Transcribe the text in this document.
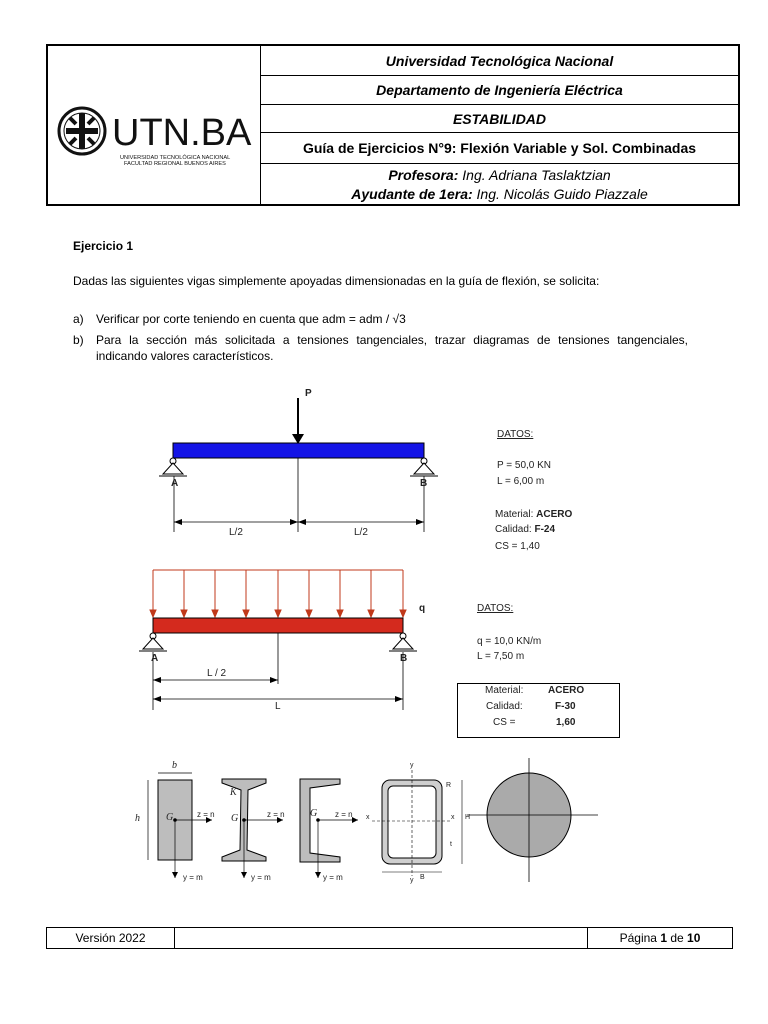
UTN.BA
UNIVERSIDAD TECNOLÓGICA NACIONAL
FACULTAD REGIONAL BUENOS AIRES
Universidad Tecnológica Nacional
Departamento de Ingeniería Eléctrica
ESTABILIDAD
Guía de Ejercicios N°9: Flexión Variable y Sol. Combinadas
Profesora: Ing. Adriana Taslaktzian
Ayudante de 1era: Ing. Nicolás Guido Piazzale
Ejercicio 1
Dadas las siguientes vigas simplemente apoyadas dimensionadas en la guía de flexión, se solicita:
a) Verificar por corte teniendo en cuenta que adm = adm / √3
b) Para la sección más solicitada a tensiones tangenciales, trazar diagramas de tensiones tangenciales, indicando valores característicos.
P
A	B
L/2	L/2
DATOS:
P = 50,0 KN
L = 6,00 m
Material: ACERO
Calidad: F-24
CS = 1,40
q
A	B
L / 2
L
DATOS:
q = 10,0 KN/m
L = 7,50 m
Material: ACERO
Calidad:	F-30
CS =	1,60
b
h	G	z = n
y = m
K
G	z = n
y = m
G z = n
y = m
y
y
x	x
R
H
t
B
Versión 2022	Página 1 de 10
